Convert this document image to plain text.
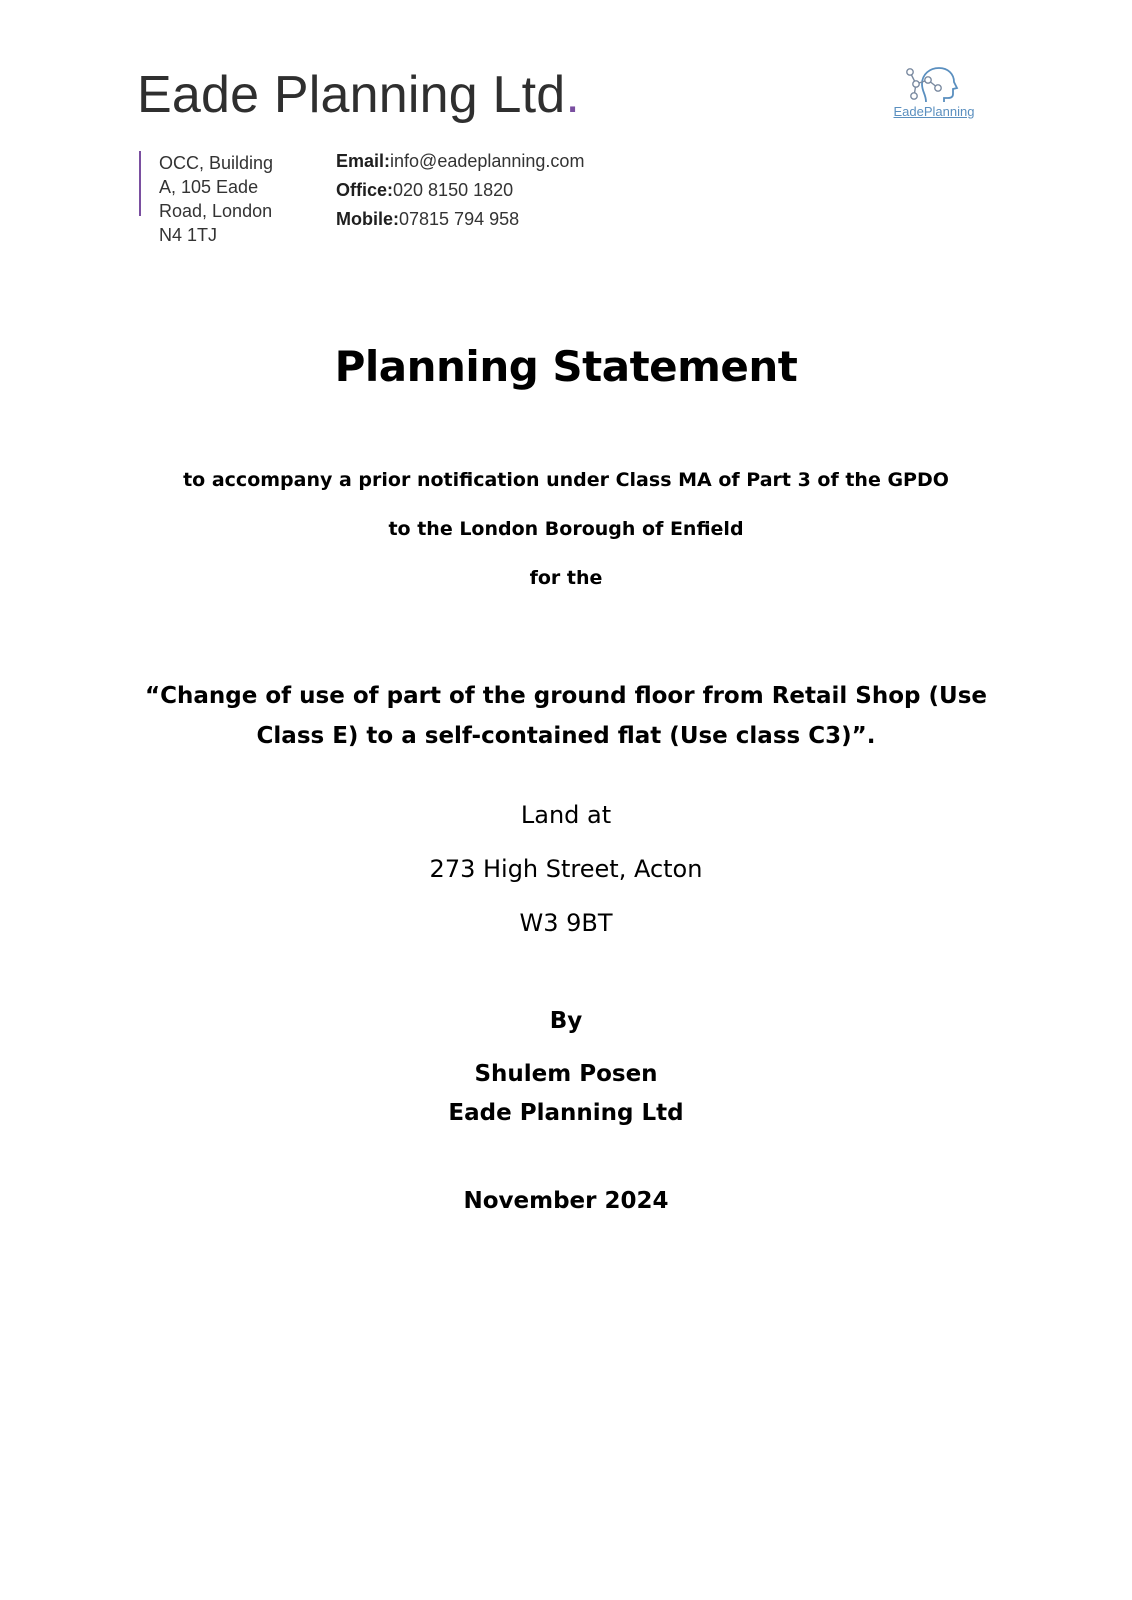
Eade Planning Ltd.	EadePlanning
OCC, Building
A, 105 Eade
Road, London
N4 1TJ
Email:info@eadeplanning.com
Office:020 8150 1820
Mobile:07815 794 958
Planning Statement
to accompany a prior notification under Class MA of Part 3 of the GPDO
to the London Borough of Enfield
for the
“Change of use of part of the ground floor from Retail Shop (Use
Class E) to a self-contained flat (Use class C3)”.
Land at
273 High Street, Acton
W3 9BT
By
Shulem Posen
Eade Planning Ltd
November 2024
